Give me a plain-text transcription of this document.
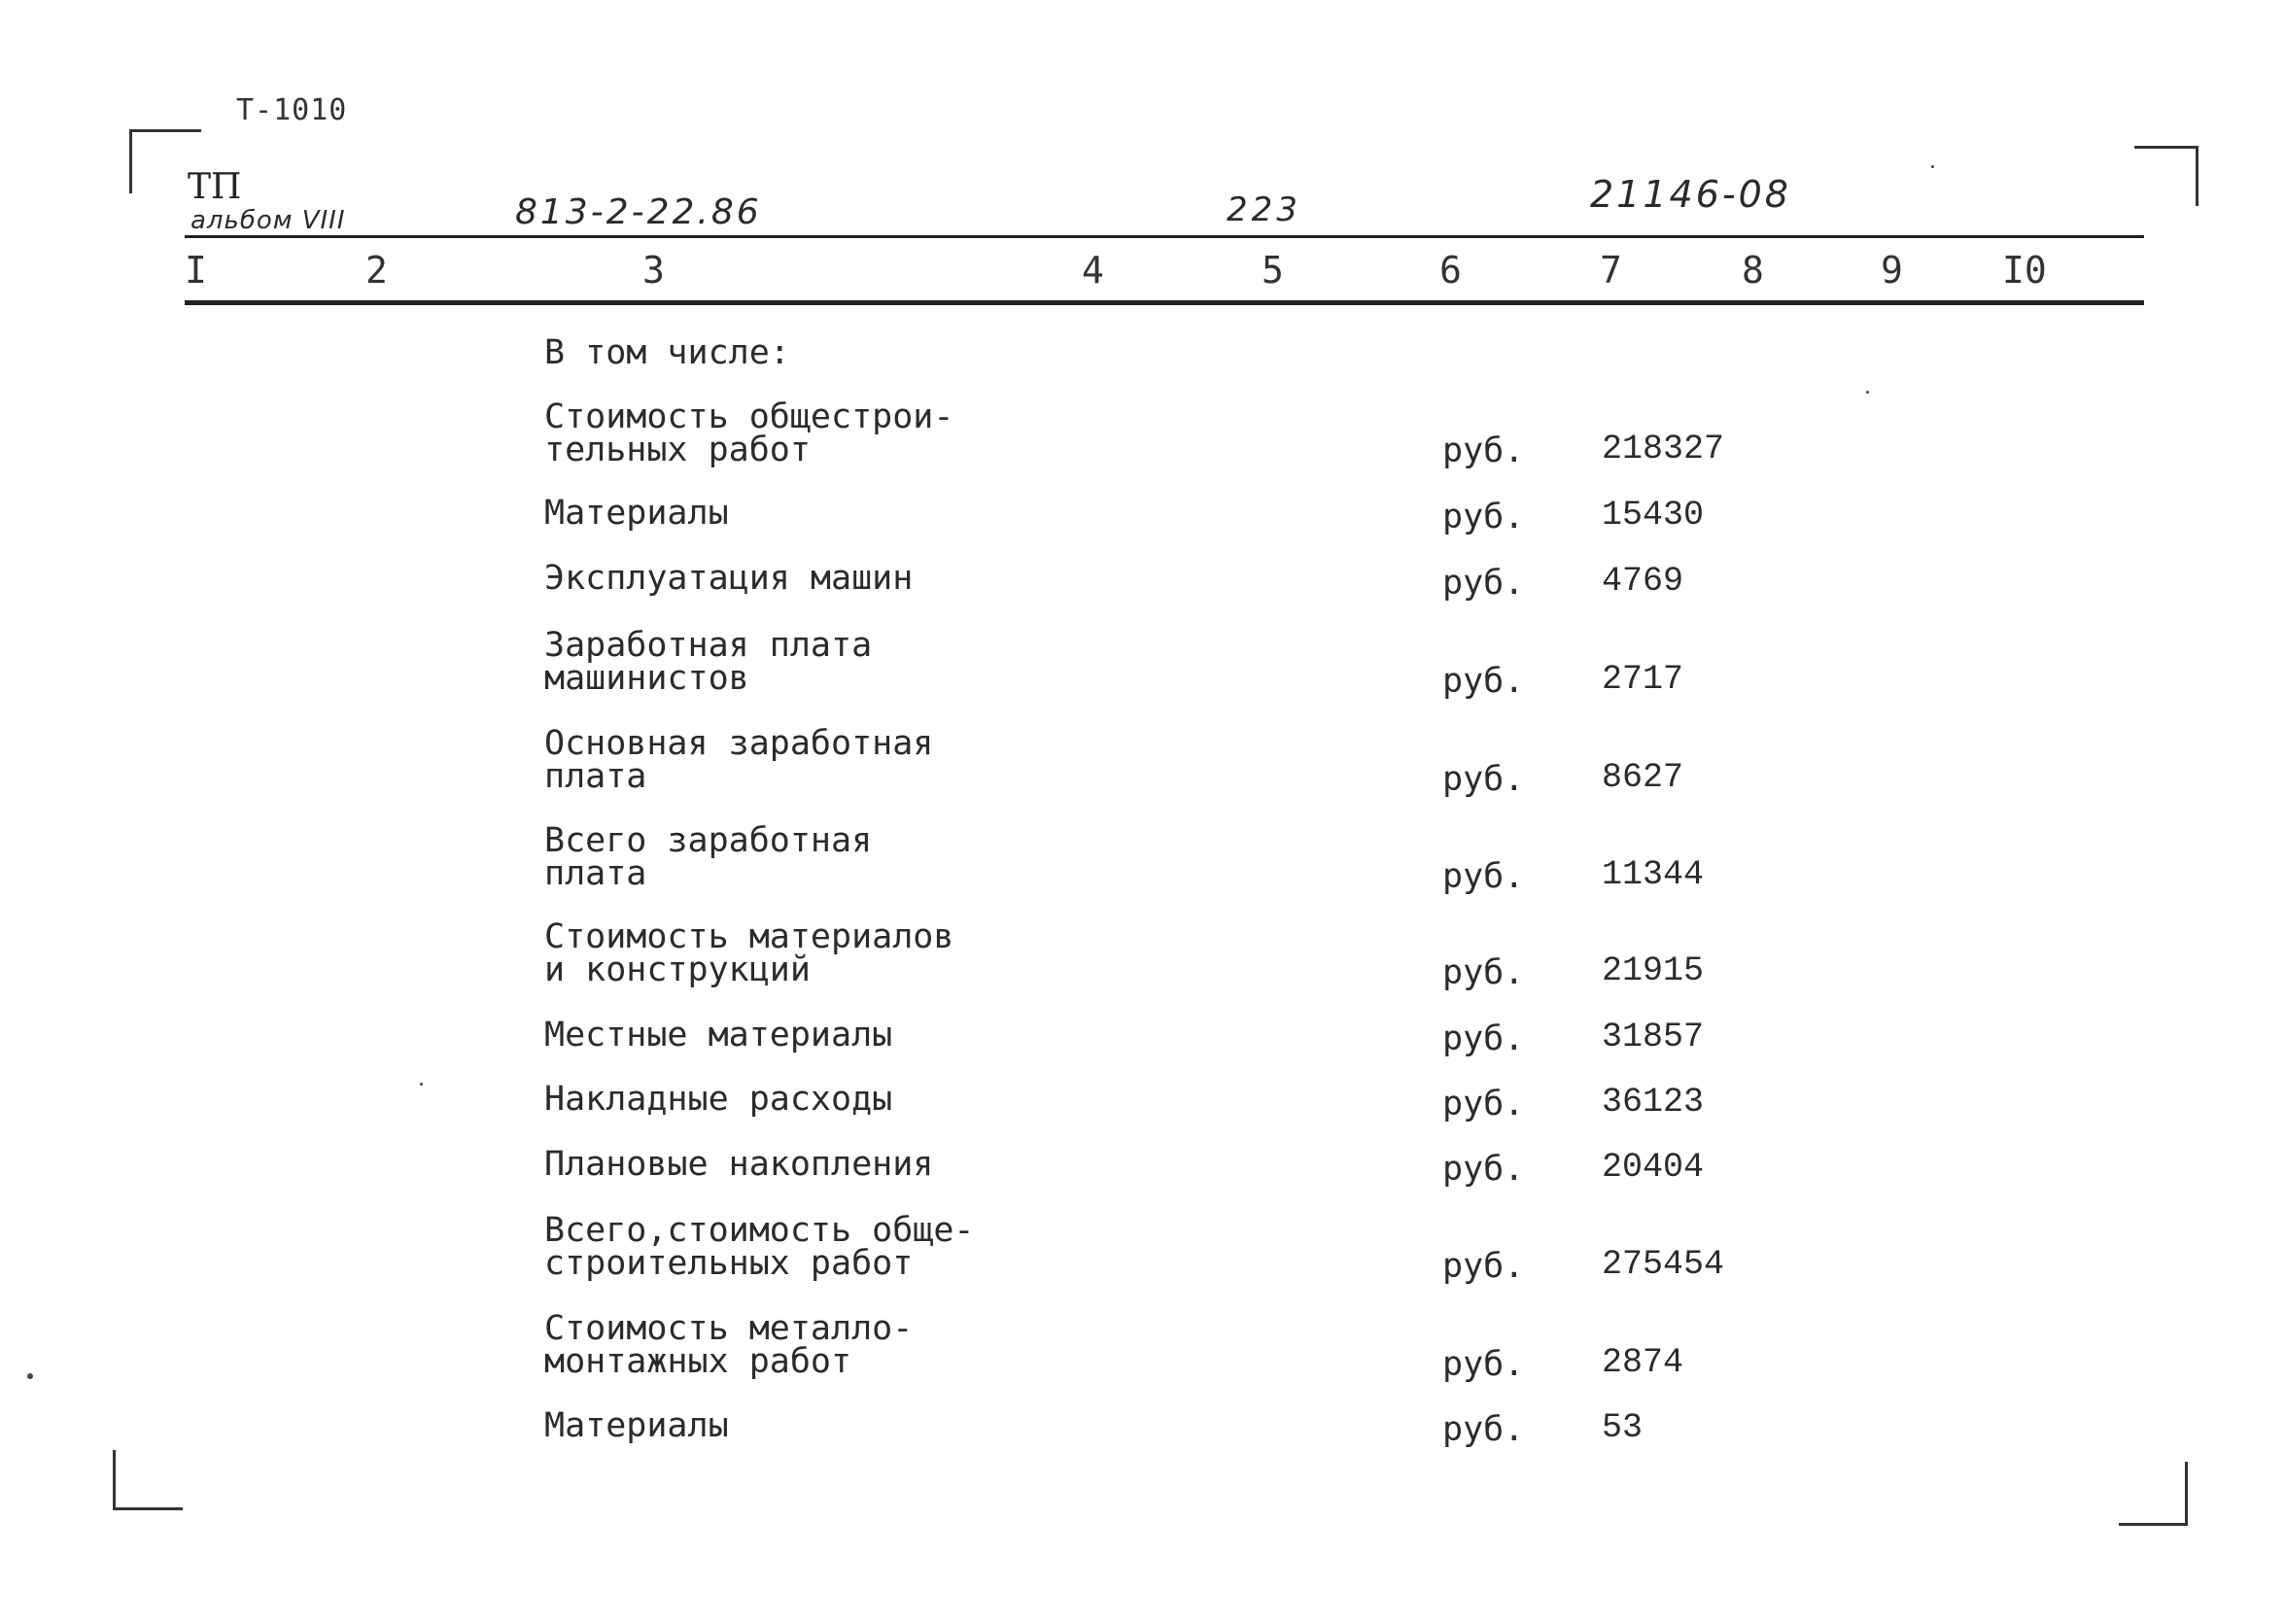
Т-1010
ТП
альбом VIII	813-2-22.86	223	21146-08
I	2	3	4	5	6	7	8	9	I0
В том числе:
Стоимость общестрои-
тельных работ	руб. 218327
Материалы	руб. 15430
Эксплуатация машин	руб. 4769
Заработная плата
машинистов	руб. 2717
Основная заработная
плата	руб. 8627
Всего заработная
плата	руб. 11344
Стоимость материалов
и конструкций	руб. 21915
Местные материалы	руб. 31857
Накладные расходы	руб. 36123
Плановые накопления	руб. 20404
Всего,стоимость обще-
строительных работ	руб. 275454
Стоимость металло-
монтажных работ	руб. 2874
Материалы	руб. 53
